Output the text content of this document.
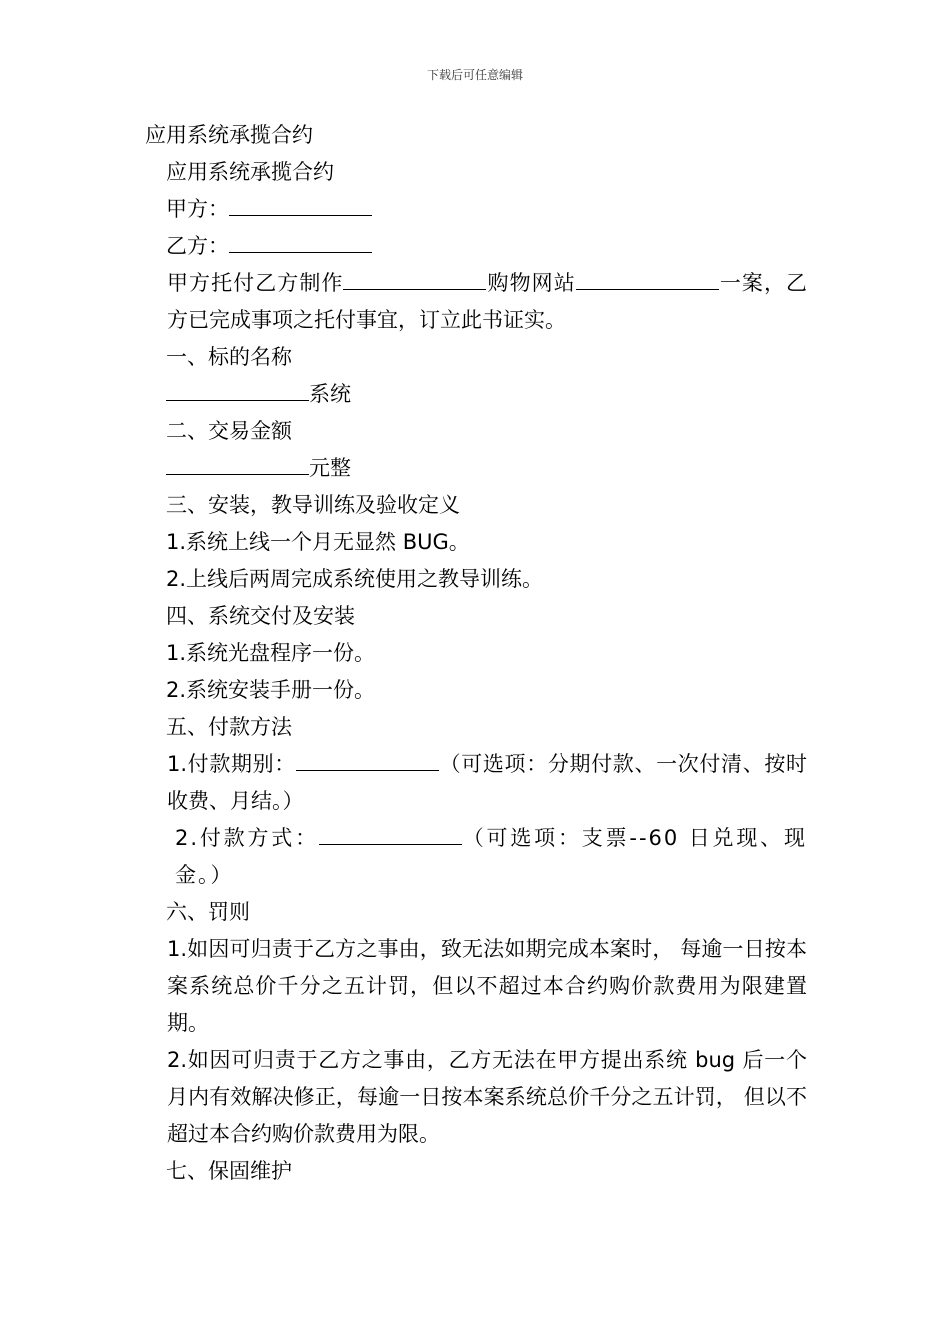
下载后可任意编辑

应用系统承揽合约

应用系统承揽合约

甲方：

乙方：

甲方托付乙方制作	购物网站	一案，乙方已完成事项之托付事宜，订立此书证实。

一、标的名称

系统

二、交易金额

元整

三、安装，教导训练及验收定义

1.系统上线一个月无显然 BUG。

2.上线后两周完成系统使用之教导训练。

四、系统交付及安装

1.系统光盘程序一份。

2.系统安装手册一份。

五、付款方法

1.付款期别：	（可选项：分期付款、一次付清、按时收费、月结。）

2.付款方式：	（可选项：支票--60 日兑现、现金。）

六、罚则

1.如因可归责于乙方之事由，致无法如期完成本案时， 每逾一日按本案系统总价千分之五计罚，但以不超过本合约购价款费用为限建置期。

2.如因可归责于乙方之事由，乙方无法在甲方提出系统 bug 后一个月内有效解决修正，每逾一日按本案系统总价千分之五计罚， 但以不超过本合约购价款费用为限。

七、保固维护
